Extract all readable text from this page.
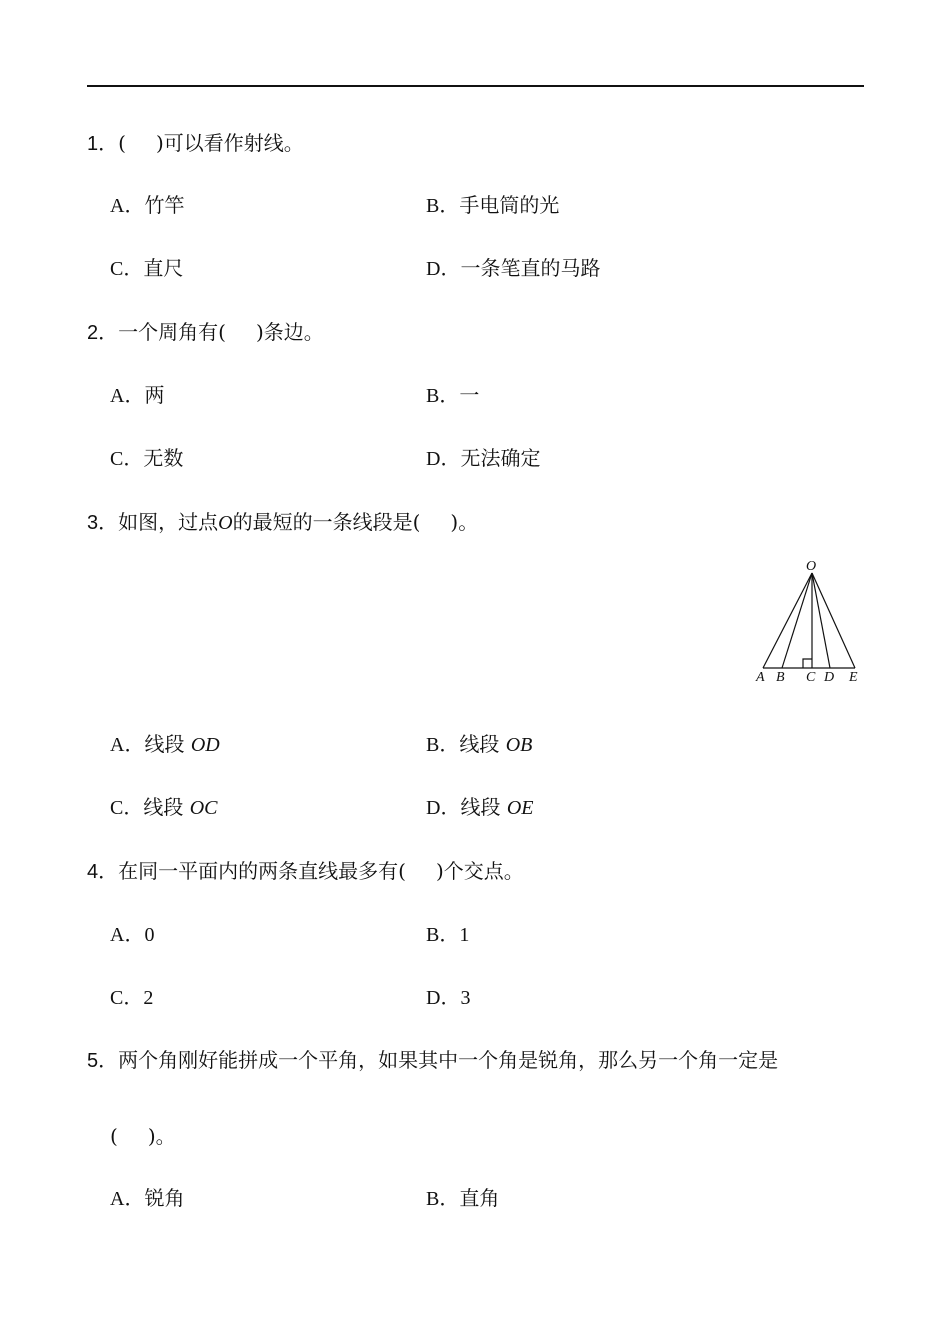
1．( )可以看作射线。
A．竹竿	B．手电筒的光
C．直尺	D．一条笔直的马路
2．一个周角有( )条边。
A．两	B．一
C．无数	D．无法确定
3．如图，过点O的最短的一条线段是( )。
O
A B C D E
A．线段 OD	B．线段 OB
C．线段 OC	D．线段 OE
4．在同一平面内的两条直线最多有( )个交点。
A．0	B．1
C．2	D．3
5．两个角刚好能拼成一个平角，如果其中一个角是锐角，那么另一个角一定是
( )。
A．锐角	B．直角
